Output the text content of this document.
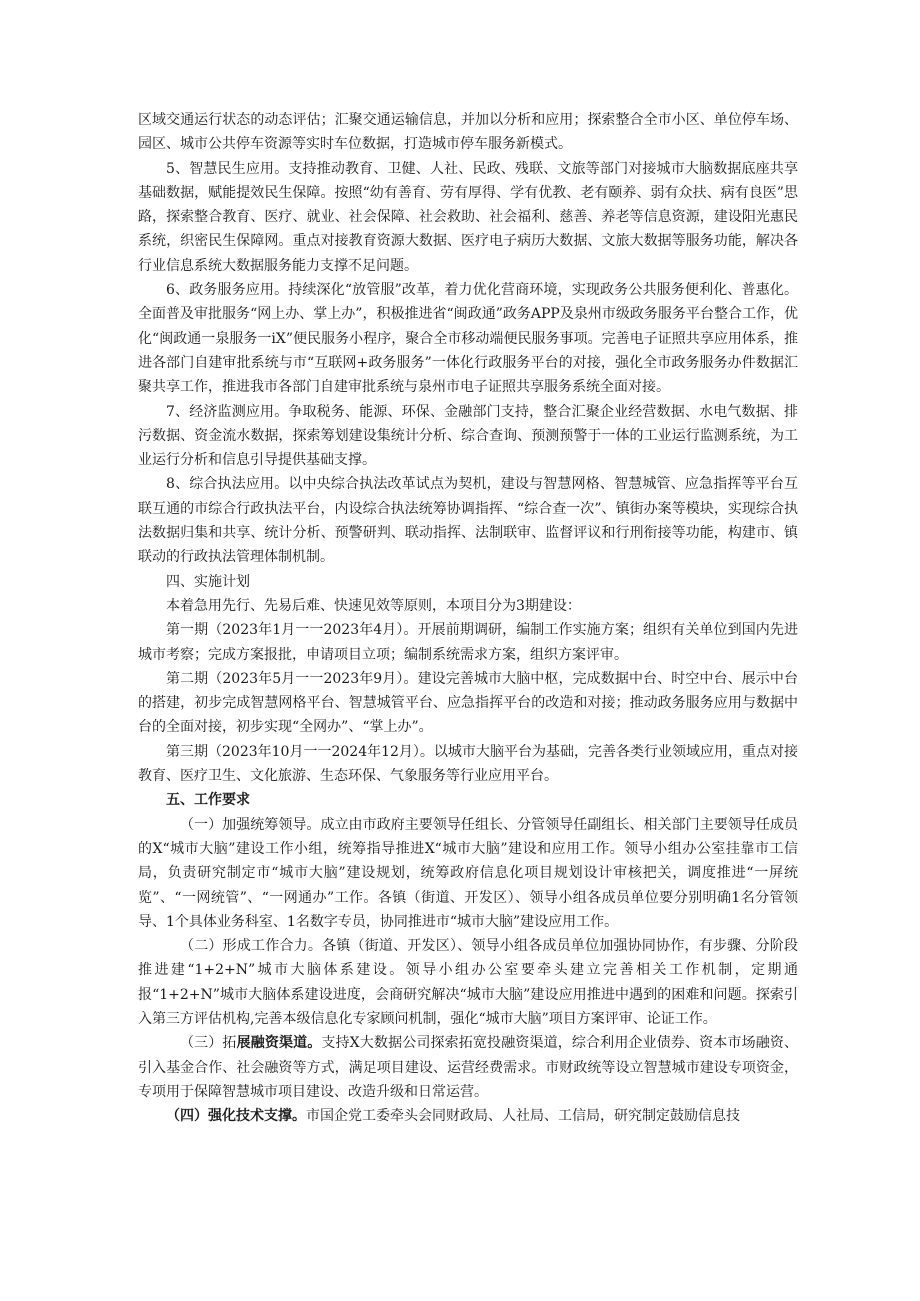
区域交通运行状态的动态评估；汇聚交通运输信息，并加以分析和应用；探索整合全市小区、单位停车场、园区、城市公共停车资源等实时车位数据，打造城市停车服务新模式。

5、智慧民生应用。支持推动教育、卫健、人社、民政、残联、文旅等部门对接城市大脑数据底座共享基础数据，赋能提效民生保障。按照“幼有善育、劳有厚得、学有优教、老有颐养、弱有众扶、病有良医”思路，探索整合教育、医疗、就业、社会保障、社会救助、社会福利、慈善、养老等信息资源，建设阳光惠民系统，织密民生保障网。重点对接教育资源大数据、医疗电子病历大数据、文旅大数据等服务功能，解决各行业信息系统大数据服务能力支撑不足问题。

6、政务服务应用。持续深化“放管服”改革，着力优化营商环境，实现政务公共服务便利化、普惠化。全面普及审批服务“网上办、掌上办”，积极推进省“闽政通”政务APP及泉州市级政务服务平台整合工作，优化“闽政通一泉服务一iX”便民服务小程序，聚合全市移动端便民服务事项。完善电子证照共享应用体系，推进各部门自建审批系统与市“互联网+政务服务”一体化行政服务平台的对接，强化全市政务服务办件数据汇聚共享工作，推进我市各部门自建审批系统与泉州市电子证照共享服务系统全面对接。

7、经济监测应用。争取税务、能源、环保、金融部门支持，整合汇聚企业经营数据、水电气数据、排污数据、资金流水数据，探索筹划建设集统计分析、综合查询、预测预警于一体的工业运行监测系统，为工业运行分析和信息引导提供基础支撑。

8、综合执法应用。以中央综合执法改革试点为契机，建设与智慧网格、智慧城管、应急指挥等平台互联互通的市综合行政执法平台，内设综合执法统筹协调指挥、“综合查一次”、镇街办案等模块，实现综合执法数据归集和共享、统计分析、预警研判、联动指挥、法制联审、监督评议和行刑衔接等功能，构建市、镇联动的行政执法管理体制机制。

四、实施计划

本着急用先行、先易后难、快速见效等原则，本项目分为3期建设：

第一期（2023年1月一一2023年4月）。开展前期调研，编制工作实施方案；组织有关单位到国内先进城市考察；完成方案报批，申请项目立项；编制系统需求方案，组织方案评审。

第二期（2023年5月一一2023年9月）。建设完善城市大脑中枢，完成数据中台、时空中台、展示中台的搭建，初步完成智慧网格平台、智慧城管平台、应急指挥平台的改造和对接；推动政务服务应用与数据中台的全面对接，初步实现“全网办”、“掌上办”。

第三期（2023年10月一一2024年12月）。以城市大脑平台为基础，完善各类行业领域应用，重点对接教育、医疗卫生、文化旅游、生态环保、气象服务等行业应用平台。

五、工作要求

（一）加强统筹领导。成立由市政府主要领导任组长、分管领导任副组长、相关部门主要领导任成员的X“城市大脑”建设工作小组，统筹指导推进X“城市大脑”建设和应用工作。领导小组办公室挂靠市工信局，负责研究制定市“城市大脑”建设规划，统筹政府信息化项目规划设计审核把关，调度推进“一屏统览”、“一网统管”、“一网通办”工作。各镇（街道、开发区）、领导小组各成员单位要分别明确1名分管领导、1个具体业务科室、1名数字专员，协同推进市“城市大脑”建设应用工作。

（二）形成工作合力。各镇（街道、开发区）、领导小组各成员单位加强协同协作，有步骤、分阶段推进建“1+2+N”城市大脑体系建设。领导小组办公室要牵头建立完善相关工作机制，定期通报“1+2+N”城市大脑体系建设进度，会商研究解决“城市大脑”建设应用推进中遇到的困难和问题。探索引入第三方评估机构,完善本级信息化专家顾问机制，强化“城市大脑”项目方案评审、论证工作。

（三）拓展融资渠道。支持X大数据公司探索拓宽投融资渠道，综合利用企业债券、资本市场融资、引入基金合作、社会融资等方式，满足项目建设、运营经费需求。市财政统等设立智慧城市建设专项资金，专项用于保障智慧城市项目建设、改造升级和日常运营。

（四）强化技术支撑。市国企党工委牵头会同财政局、人社局、工信局，研究制定鼓励信息技
